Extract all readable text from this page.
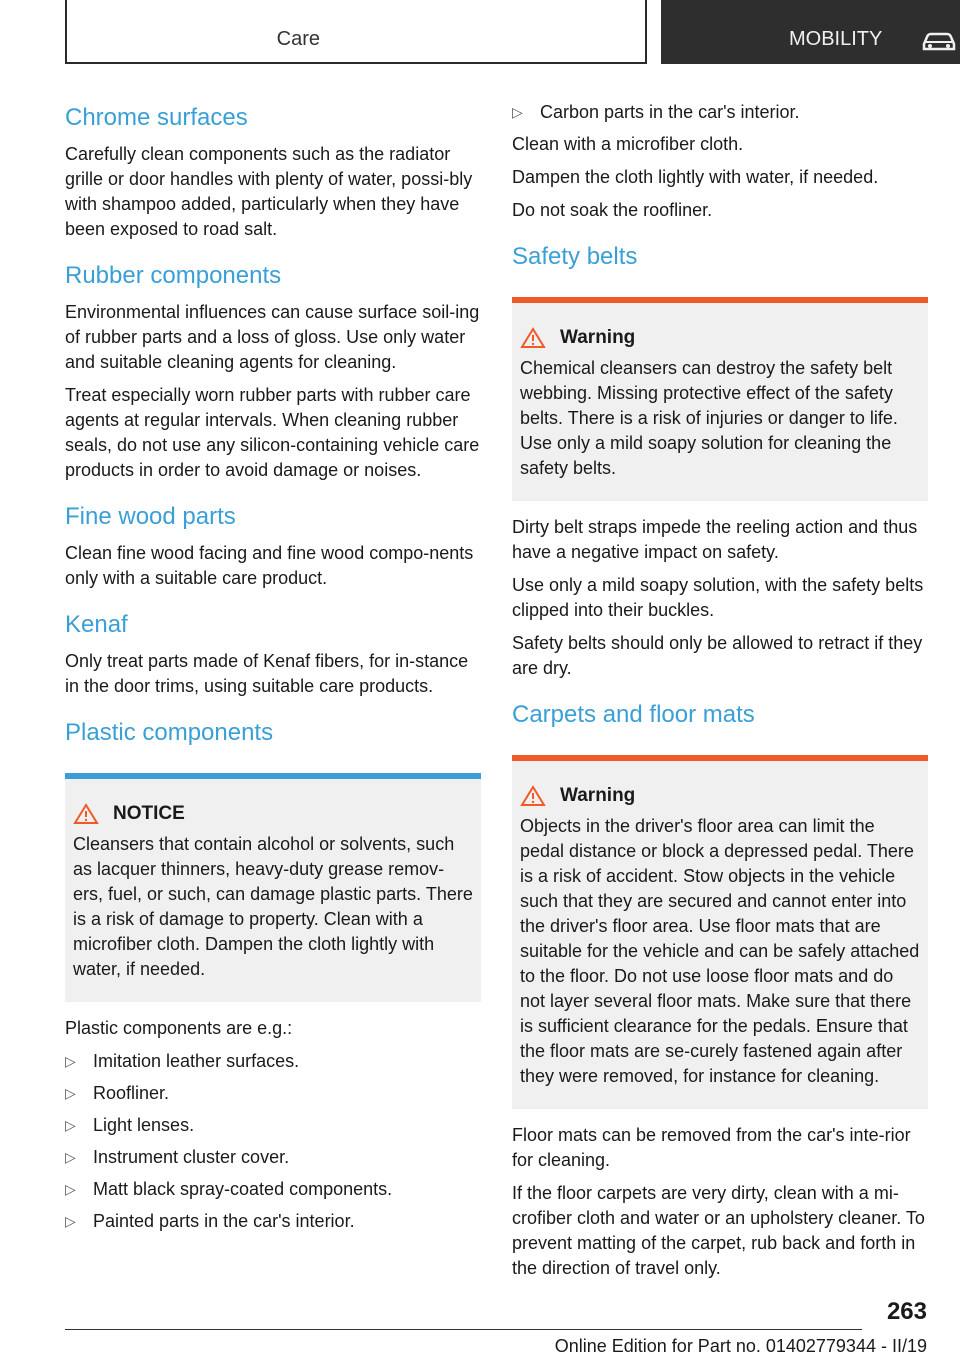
Care	MOBILITY
Chrome surfaces

Carefully clean components such as the radiator grille or door handles with plenty of water, possi-bly with shampoo added, particularly when they have been exposed to road salt.

Rubber components

Environmental influences can cause surface soil-ing of rubber parts and a loss of gloss. Use only water and suitable cleaning agents for cleaning.

Treat especially worn rubber parts with rubber care agents at regular intervals. When cleaning rubber seals, do not use any silicon-containing vehicle care products in order to avoid damage or noises.

Fine wood parts

Clean fine wood facing and fine wood compo-nents only with a suitable care product.

Kenaf

Only treat parts made of Kenaf fibers, for in-stance in the door trims, using suitable care products.

Plastic components
NOTICE

Cleansers that contain alcohol or solvents, such as lacquer thinners, heavy-duty grease remov-ers, fuel, or such, can damage plastic parts. There is a risk of damage to property. Clean with a microfiber cloth. Dampen the cloth lightly with water, if needed.

Plastic components are e.g.:

▷ Imitation leather surfaces.
▷ Roofliner.
▷ Light lenses.
▷ Instrument cluster cover.
▷ Matt black spray-coated components.
▷ Painted parts in the car's interior.
▷ Carbon parts in the car's interior.

Clean with a microfiber cloth.

Dampen the cloth lightly with water, if needed.

Do not soak the roofliner.

Safety belts
Warning

Chemical cleansers can destroy the safety belt webbing. Missing protective effect of the safety belts. There is a risk of injuries or danger to life. Use only a mild soapy solution for cleaning the safety belts.

Dirty belt straps impede the reeling action and thus have a negative impact on safety.

Use only a mild soapy solution, with the safety belts clipped into their buckles.

Safety belts should only be allowed to retract if they are dry.

Carpets and floor mats
Warning

Objects in the driver's floor area can limit the pedal distance or block a depressed pedal. There is a risk of accident. Stow objects in the vehicle such that they are secured and cannot enter into the driver's floor area. Use floor mats that are suitable for the vehicle and can be safely attached to the floor. Do not use loose floor mats and do not layer several floor mats. Make sure that there is sufficient clearance for the pedals. Ensure that the floor mats are se-curely fastened again after they were removed, for instance for cleaning.

Floor mats can be removed from the car's inte-rior for cleaning.

If the floor carpets are very dirty, clean with a mi-crofiber cloth and water or an upholstery cleaner. To prevent matting of the carpet, rub back and forth in the direction of travel only.

263
Online Edition for Part no. 01402779344 - II/19
